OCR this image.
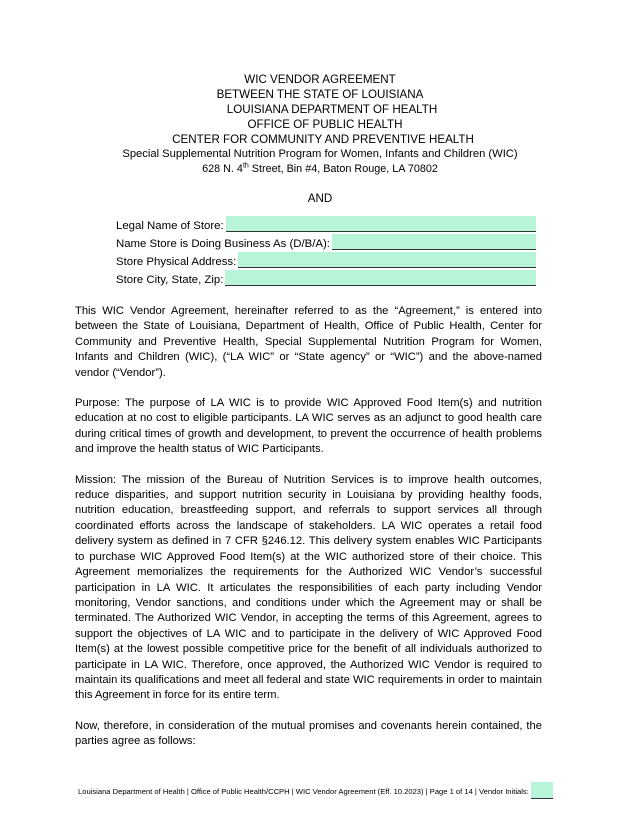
WIC VENDOR AGREEMENT
BETWEEN THE STATE OF LOUISIANA
LOUISIANA DEPARTMENT OF HEALTH
OFFICE OF PUBLIC HEALTH
CENTER FOR COMMUNITY AND PREVENTIVE HEALTH
Special Supplemental Nutrition Program for Women, Infants and Children (WIC)
628 N. 4th Street, Bin #4, Baton Rouge, LA 70802
AND
Legal Name of Store:
Name Store is Doing Business As (D/B/A):
Store Physical Address:
Store City, State, Zip:

This WIC Vendor Agreement, hereinafter referred to as the “Agreement,” is entered into between the State of Louisiana, Department of Health, Office of Public Health, Center for Community and Preventive Health, Special Supplemental Nutrition Program for Women, Infants and Children (WIC), (“LA WIC” or “State agency” or “WIC”) and the above-named vendor (“Vendor”).

Purpose: The purpose of LA WIC is to provide WIC Approved Food Item(s) and nutrition education at no cost to eligible participants. LA WIC serves as an adjunct to good health care during critical times of growth and development, to prevent the occurrence of health problems and improve the health status of WIC Participants.

Mission: The mission of the Bureau of Nutrition Services is to improve health outcomes, reduce disparities, and support nutrition security in Louisiana by providing healthy foods, nutrition education, breastfeeding support, and referrals to support services all through coordinated efforts across the landscape of stakeholders. LA WIC operates a retail food delivery system as defined in 7 CFR §246.12. This delivery system enables WIC Participants to purchase WIC Approved Food Item(s) at the WIC authorized store of their choice. This Agreement memorializes the requirements for the Authorized WIC Vendor’s successful participation in LA WIC. It articulates the responsibilities of each party including Vendor monitoring, Vendor sanctions, and conditions under which the Agreement may or shall be terminated. The Authorized WIC Vendor, in accepting the terms of this Agreement, agrees to support the objectives of LA WIC and to participate in the delivery of WIC Approved Food Item(s) at the lowest possible competitive price for the benefit of all individuals authorized to participate in LA WIC. Therefore, once approved, the Authorized WIC Vendor is required to maintain its qualifications and meet all federal and state WIC requirements in order to maintain this Agreement in force for its entire term.

Now, therefore, in consideration of the mutual promises and covenants herein contained, the parties agree as follows:

Louisiana Department of Health | Office of Public Health/CCPH | WIC Vendor Agreement (Eff. 10.2023) | Page 1 of 14 | Vendor Initials:
